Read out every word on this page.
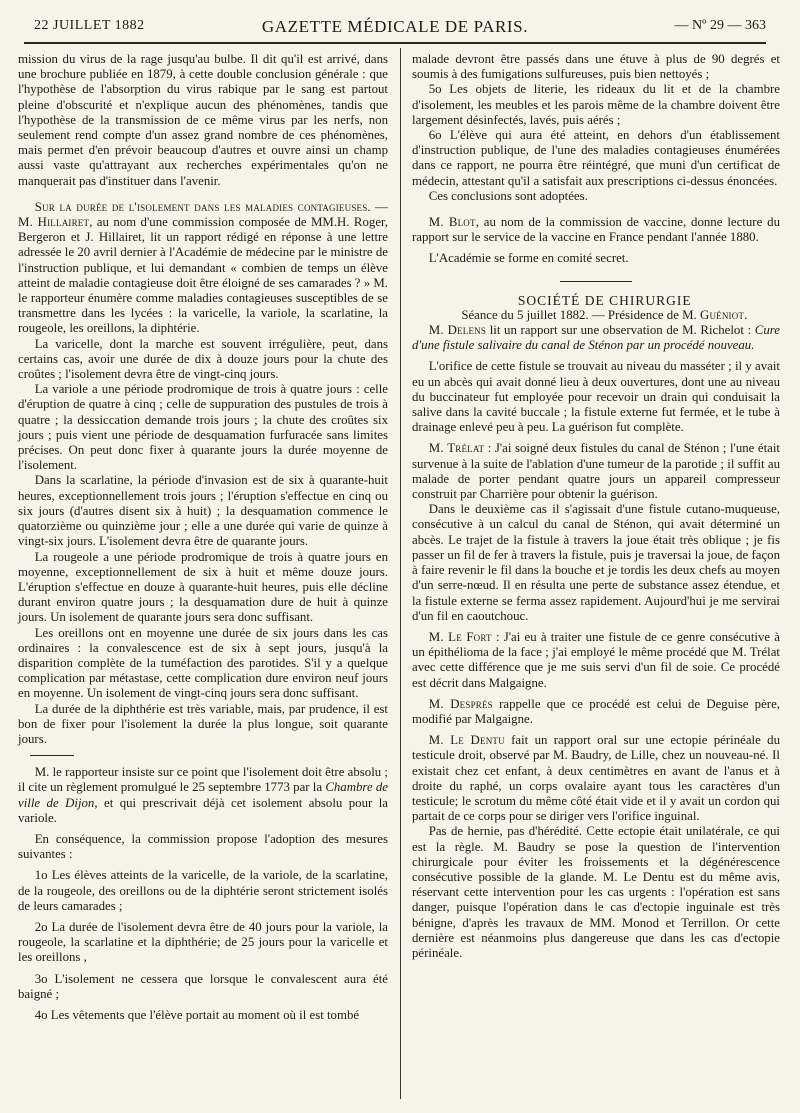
22 JUILLET 1882	GAZETTE MÉDICALE DE PARIS.	— Nº 29 — 363

mission du virus de la rage jusqu'au bulbe. Il dit qu'il est arrivé, dans une brochure publiée en 1879, à cette double conclusion générale : que l'hypothèse de l'absorption du virus rabique par le sang est partout pleine d'obscurité et n'explique aucun des phénomènes, tandis que l'hypothèse de la transmission de ce même virus par les nerfs, non seulement rend compte d'un assez grand nombre de ces phénomènes, mais permet d'en prévoir beaucoup d'autres et ouvre ainsi un champ aussi vaste qu'attrayant aux recherches expérimentales qu'on ne manquerait pas d'instituer dans l'avenir.

Sur la durée de l'isolement dans les maladies contagieuses. —M. Hillairet, au nom d'une commission composée de MM.H. Roger, Bergeron et J. Hillairet, lit un rapport rédigé en réponse à une lettre adressée le 20 avril dernier à l'Académie de médecine par le ministre de l'instruction publique, et lui demandant « combien de temps un élève atteint de maladie contagieuse doit être éloigné de ses camarades ? » M. le rapporteur énumère comme maladies contagieuses susceptibles de se transmettre dans les lycées : la varicelle, la variole, la scarlatine, la rougeole, les oreillons, la diphtérie.

La varicelle, dont la marche est souvent irrégulière, peut, dans certains cas, avoir une durée de dix à douze jours pour la chute des croûtes ; l'isolement devra être de vingt-cinq jours.

La variole a une période prodromique de trois à quatre jours : celle d'éruption de quatre à cinq ; celle de suppuration des pustules de trois à quatre ; la dessiccation demande trois jours ; la chute des croûtes six jours ; puis vient une période de desquamation furfuracée sans limites précises. On peut donc fixer à quarante jours la durée moyenne de l'isolement.

Dans la scarlatine, la période d'invasion est de six à quarante-huit heures, exceptionnellement trois jours ; l'éruption s'effectue en cinq ou six jours (d'autres disent six à huit) ; la desquamation commence le quatorzième ou quinzième jour ; elle a une durée qui varie de quinze à vingt-six jours. L'isolement devra être de quarante jours.

La rougeole a une période prodromique de trois à quatre jours en moyenne, exceptionnellement de six à huit et même douze jours. L'éruption s'effectue en douze à quarante-huit heures, puis elle décline durant environ quatre jours ; la desquamation dure de huit à quinze jours. Un isolement de quarante jours sera donc suffisant.

Les oreillons ont en moyenne une durée de six jours dans les cas ordinaires : la convalescence est de six à sept jours, jusqu'à la disparition complète de la tuméfaction des parotides. S'il y a quelque complication par métastase, cette complication dure environ neuf jours en moyenne. Un isolement de vingt-cinq jours sera donc suffisant.

La durée de la diphthérie est très variable, mais, par prudence, il est bon de fixer pour l'isolement la durée la plus longue, soit quarante jours.

M. le rapporteur insiste sur ce point que l'isolement doit être absolu ; il cite un règlement promulgué le 25 septembre 1773 par la Chambre de ville de Dijon, et qui prescrivait déjà cet isolement absolu pour la variole.

En conséquence, la commission propose l'adoption des mesures suivantes :

1o Les élèves atteints de la varicelle, de la variole, de la scarlatine, de la rougeole, des oreillons ou de la diphtérie seront strictement isolés de leurs camarades ;

2o La durée de l'isolement devra être de 40 jours pour la variole, la rougeole, la scarlatine et la diphthérie; de 25 jours pour la varicelle et les oreillons ,

3o L'isolement ne cessera que lorsque le convalescent aura été baigné ;

4o Les vêtements que l'élève portait au moment où il est tombé

malade devront être passés dans une étuve à plus de 90 degrés et soumis à des fumigations sulfureuses, puis bien nettoyés ;

5o Les objets de literie, les rideaux du lit et de la chambre d'isolement, les meubles et les parois même de la chambre doivent être largement désinfectés, lavés, puis aérés ;

6o L'élève qui aura été atteint, en dehors d'un établissement d'instruction publique, de l'une des maladies contagieuses énumérées dans ce rapport, ne pourra être réintégré, que muni d'un certificat de médecin, attestant qu'il a satisfait aux prescriptions ci-dessus énoncées.

Ces conclusions sont adoptées.

M. Blot, au nom de la commission de vaccine, donne lecture du rapport sur le service de la vaccine en France pendant l'année 1880.

L'Académie se forme en comité secret.

SOCIÉTÉ DE CHIRURGIE

Séance du 5 juillet 1882. — Présidence de M. Guéniot.

M. Delens lit un rapport sur une observation de M. Richelot : Cure d'une fistule salivaire du canal de Sténon par un procédé nouveau.

L'orifice de cette fistule se trouvait au niveau du masséter ; il y avait eu un abcès qui avait donné lieu à deux ouvertures, dont une au niveau du buccinateur fut employée pour recevoir un drain qui conduisait la salive dans la cavité buccale ; la fistule externe fut fermée, et le tube à drainage enlevé peu à peu. La guérison fut complète.

M. Trélat : J'ai soigné deux fistules du canal de Sténon ; l'une était survenue à la suite de l'ablation d'une tumeur de la parotide ; il suffit au malade de porter pendant quatre jours un appareil compresseur construit par Charrière pour obtenir la guérison.

Dans le deuxième cas il s'agissait d'une fistule cutano-muqueuse, consécutive à un calcul du canal de Sténon, qui avait déterminé un abcès. Le trajet de la fistule à travers la joue était très oblique ; je fis passer un fil de fer à travers la fistule, puis je traversai la joue, de façon à faire revenir le fil dans la bouche et je tordis les deux chefs au moyen d'un serre-nœud. Il en résulta une perte de substance assez étendue, et la fistule externe se ferma assez rapidement. Aujourd'hui je me servirai d'un fil en caoutchouc.

M. Le Fort : J'ai eu à traiter une fistule de ce genre consécutive à un épithélioma de la face ; j'ai employé le même procédé que M. Trélat avec cette différence que je me suis servi d'un fil de soie. Ce procédé est décrit dans Malgaigne.

M. Després rappelle que ce procédé est celui de Deguise père, modifié par Malgaigne.

M. Le Dentu fait un rapport oral sur une ectopie périnéale du testicule droit, observé par M. Baudry, de Lille, chez un nouveau-né. Il existait chez cet enfant, à deux centimètres en avant de l'anus et à droite du raphé, un corps ovalaire ayant tous les caractères d'un testicule; le scrotum du même côté était vide et il y avait un cordon qui partait de ce corps pour se diriger vers l'orifice inguinal.

Pas de hernie, pas d'hérédité. Cette ectopie était unilatérale, ce qui est la règle. M. Baudry se pose la question de l'intervention chirurgicale pour éviter les froissements et la dégénérescence consécutive possible de la glande. M. Le Dentu est du même avis, réservant cette intervention pour les cas urgents : l'opération est sans danger, puisque l'opération dans le cas d'ectopie inguinale est très bénigne, d'après les travaux de MM. Monod et Terrillon. Or cette dernière est néanmoins plus dangereuse que dans les cas d'ectopie périnéale.
